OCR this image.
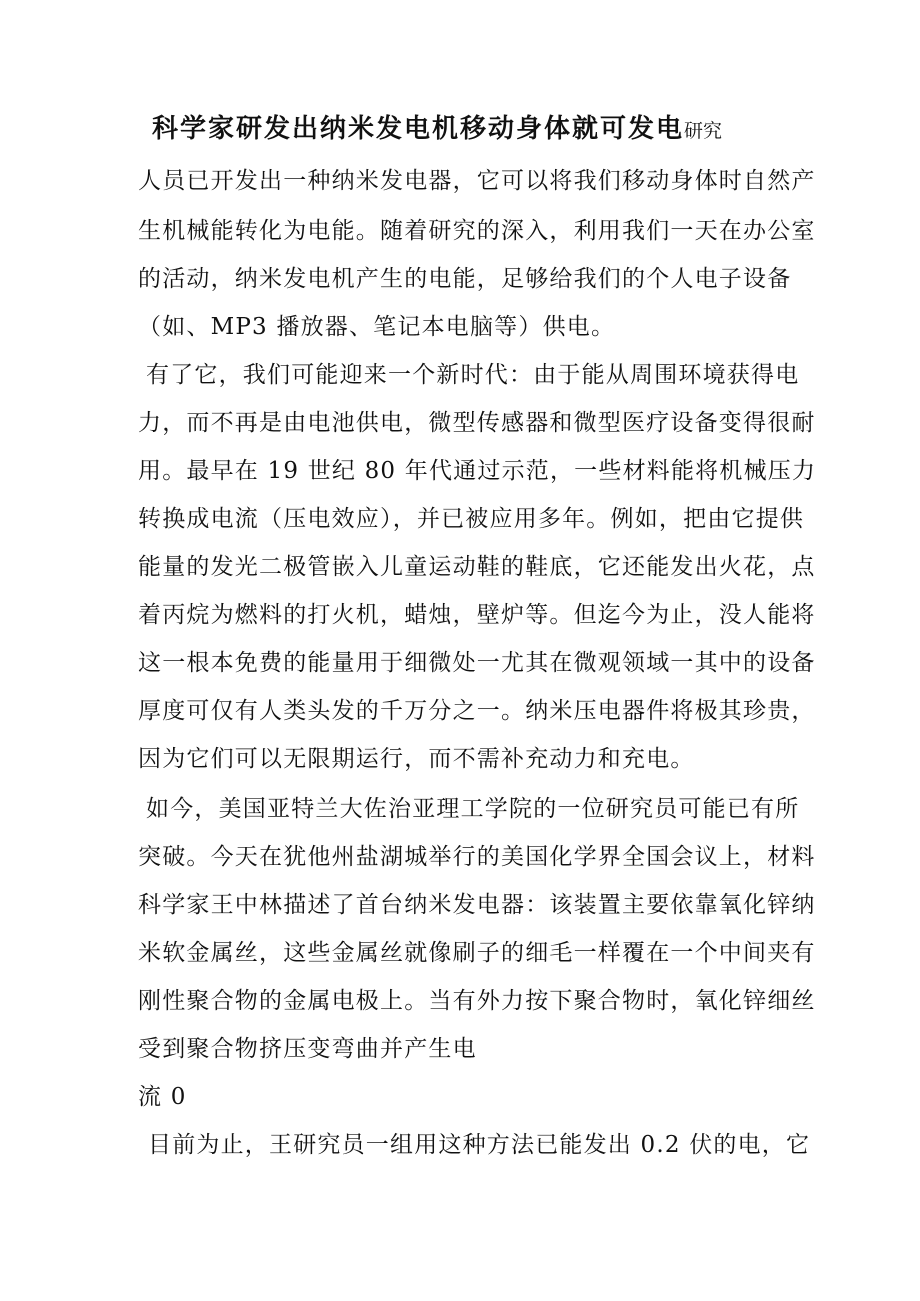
科学家研发出纳米发电机移动身体就可发电研究
人员已开发出一种纳米发电器，它可以将我们移动身体时自然产
生机械能转化为电能。随着研究的深入，利用我们一天在办公室
的活动，纳米发电机产生的电能，足够给我们的个人电子设备
（如、MP3 播放器、笔记本电脑等）供电。
有了它，我们可能迎来一个新时代：由于能从周围环境获得电
力，而不再是由电池供电，微型传感器和微型医疗设备变得很耐
用。最早在 19 世纪 80 年代通过示范，一些材料能将机械压力
转换成电流（压电效应），并已被应用多年。例如，把由它提供
能量的发光二极管嵌入儿童运动鞋的鞋底，它还能发出火花，点
着丙烷为燃料的打火机，蜡烛，壁炉等。但迄今为止，没人能将
这一根本免费的能量用于细微处一尤其在微观领域一其中的设备
厚度可仅有人类头发的千万分之一。纳米压电器件将极其珍贵，
因为它们可以无限期运行，而不需补充动力和充电。
如今，美国亚特兰大佐治亚理工学院的一位研究员可能已有所
突破。今天在犹他州盐湖城举行的美国化学界全国会议上，材料
科学家王中林描述了首台纳米发电器：该装置主要依靠氧化锌纳
米软金属丝，这些金属丝就像刷子的细毛一样覆在一个中间夹有
刚性聚合物的金属电极上。当有外力按下聚合物时，氧化锌细丝
受到聚合物挤压变弯曲并产生电
流 0
目前为止，王研究员一组用这种方法已能发出 0.2 伏的电，它
